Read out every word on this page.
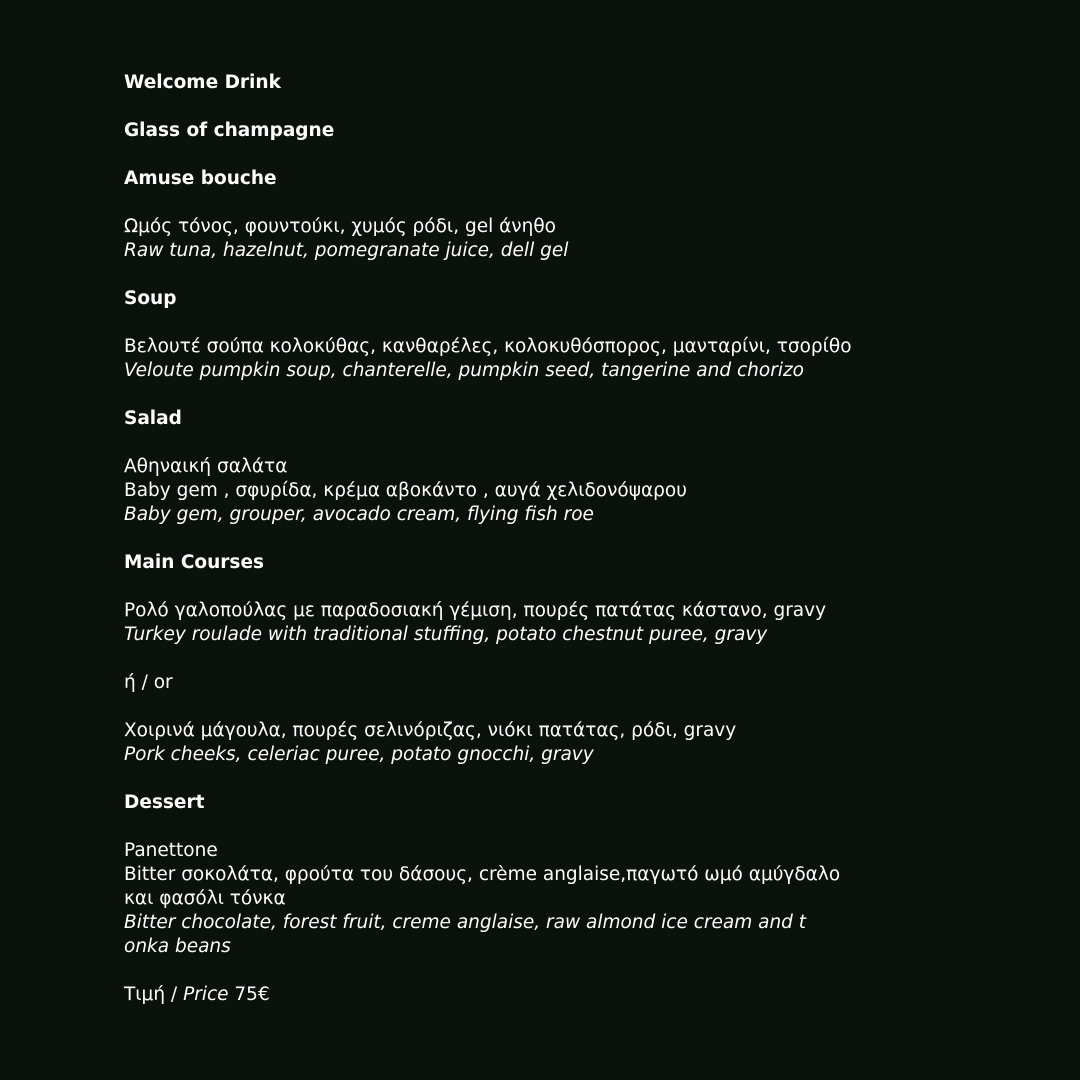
Welcome Drink
Glass of champagne
Amuse bouche
Ωμός τόνος, φουντούκι, χυμός ρόδι, gel άνηθο
Raw tuna, hazelnut, pomegranate juice, dell gel
Soup
Βελουτέ σούπα κολοκύθας, κανθαρέλες, κολοκυθόσπορος, μανταρίνι, τσορίθο
Veloute pumpkin soup, chanterelle, pumpkin seed, tangerine and chorizo
Salad
Αθηναική σαλάτα
Baby gem , σφυρίδα, κρέμα αβοκάντο , αυγά χελιδονόψαρου
Baby gem, grouper, avocado cream, flying fish roe
Main Courses
Ρολό γαλοπούλας με παραδοσιακή γέμιση, πουρές πατάτας κάστανο, gravy
Turkey roulade with traditional stuffing, potato chestnut puree, gravy
ή / or
Χοιρινά μάγουλα, πουρές σελινόριζας, νιόκι πατάτας, ρόδι, gravy
Pork cheeks, celeriac puree, potato gnocchi, gravy
Dessert
Panettone
Bitter σοκολάτα, φρούτα του δάσους, crème anglaise,παγωτό ωμό αμύγδαλο
και φασόλι τόνκα
Bitter chocolate, forest fruit, creme anglaise, raw almond ice cream and t
onka beans
Τιμή / Price 75€
